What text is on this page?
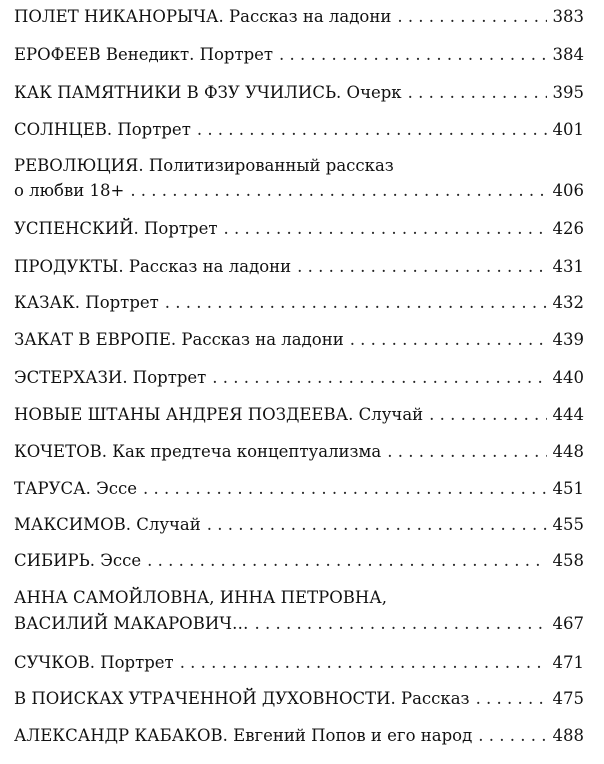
ПОЛЕТ НИКАНОРЫЧА. Рассказ на ладони . . .	383
ЕРОФЕЕВ Венедикт. Портрет . . .	384
КАК ПАМЯТНИКИ В ФЗУ УЧИЛИСЬ. Очерк . . .	395
СОЛНЦЕВ. Портрет . . .	401
РЕВОЛЮЦИЯ. Политизированный рассказ
о любви 18+ . . .	406
УСПЕНСКИЙ. Портрет . . .	426
ПРОДУКТЫ. Рассказ на ладони . . .	431
КАЗАК. Портрет . . .	432
ЗАКАТ В ЕВРОПЕ. Рассказ на ладони . . .	439
ЭСТЕРХАЗИ. Портрет . . .	440
НОВЫЕ ШТАНЫ АНДРЕЯ ПОЗДЕЕВА. Случай . . .	444
КОЧЕТОВ. Как предтеча концептуализма . . .	448
ТАРУСА. Эссе . . .	451
МАКСИМОВ. Случай . . .	455
СИБИРЬ. Эссе . . .	458
АННА САМОЙЛОВНА, ИННА ПЕТРОВНА,
ВАСИЛИЙ МАКАРОВИЧ… . . .	467
СУЧКОВ. Портрет . . .	471
В ПОИСКАХ УТРАЧЕННОЙ ДУХОВНОСТИ. Рассказ . . .	475
АЛЕКСАНДР КАБАКОВ. Евгений Попов и его народ . . .	488
